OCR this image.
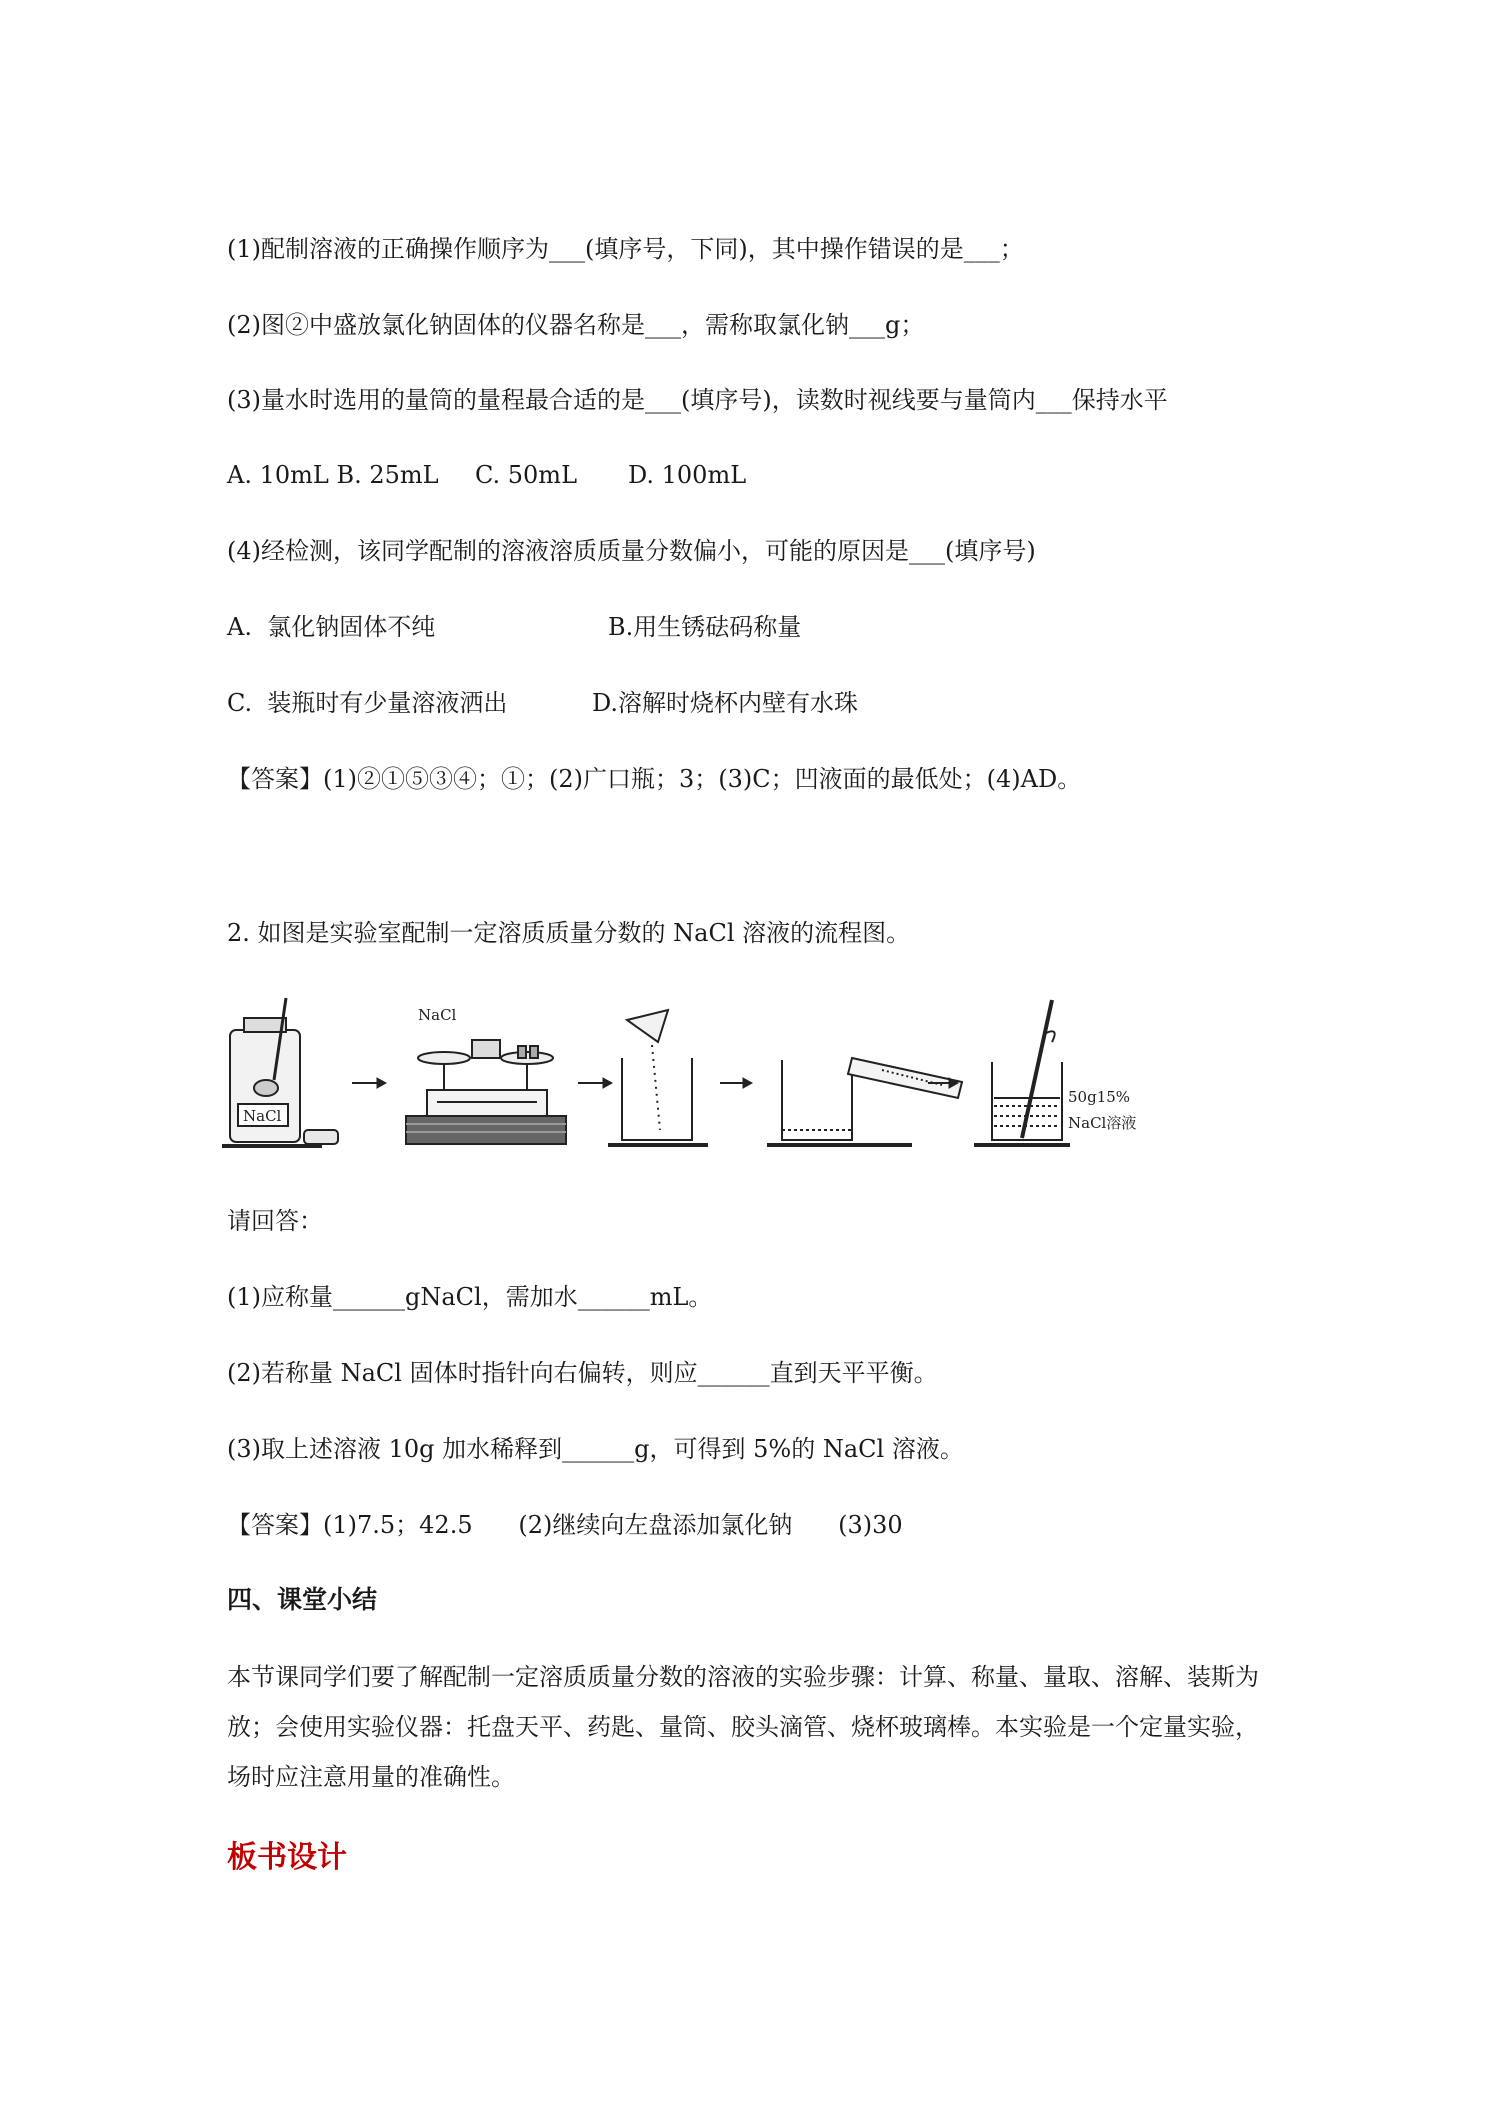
(1)配制溶液的正确操作顺序为___(填序号，下同)，其中操作错误的是___；
(2)图②中盛放氯化钠固体的仪器名称是___，需称取氯化钠___g；
(3)量水时选用的量筒的量程最合适的是___(填序号)，读数时视线要与量筒内___保持水平
A. 10mL B. 25mL C. 50mL D. 100mL
(4)经检测，该同学配制的溶液溶质质量分数偏小，可能的原因是___(填序号)
A.  氯化钠固体不纯	B.用生锈砝码称量
C.  装瓶时有少量溶液洒出	D.溶解时烧杯内壁有水珠
【答案】(1)②①⑤③④；①；(2)广口瓶；3；(3)C；凹液面的最低处；(4)AD。
2. 如图是实验室配制一定溶质质量分数的 NaCl 溶液的流程图。
NaCl
NaCl
50g15%
NaCl溶液
请回答：
(1)应称量______gNaCl，需加水______mL。
(2)若称量 NaCl 固体时指针向右偏转，则应______直到天平平衡。
(3)取上述溶液 10g 加水稀释到______g，可得到 5%的 NaCl 溶液。
【答案】(1)7.5；42.5      (2)继续向左盘添加氯化钠      (3)30
四、课堂小结
本节课同学们要了解配制一定溶质质量分数的溶液的实验步骤：计算、称量、量取、溶解、装斯为放；会使用实验仪器：托盘天平、药匙、量筒、胶头滴管、烧杯玻璃棒。本实验是一个定量实验，场时应注意用量的准确性。
板书设计
